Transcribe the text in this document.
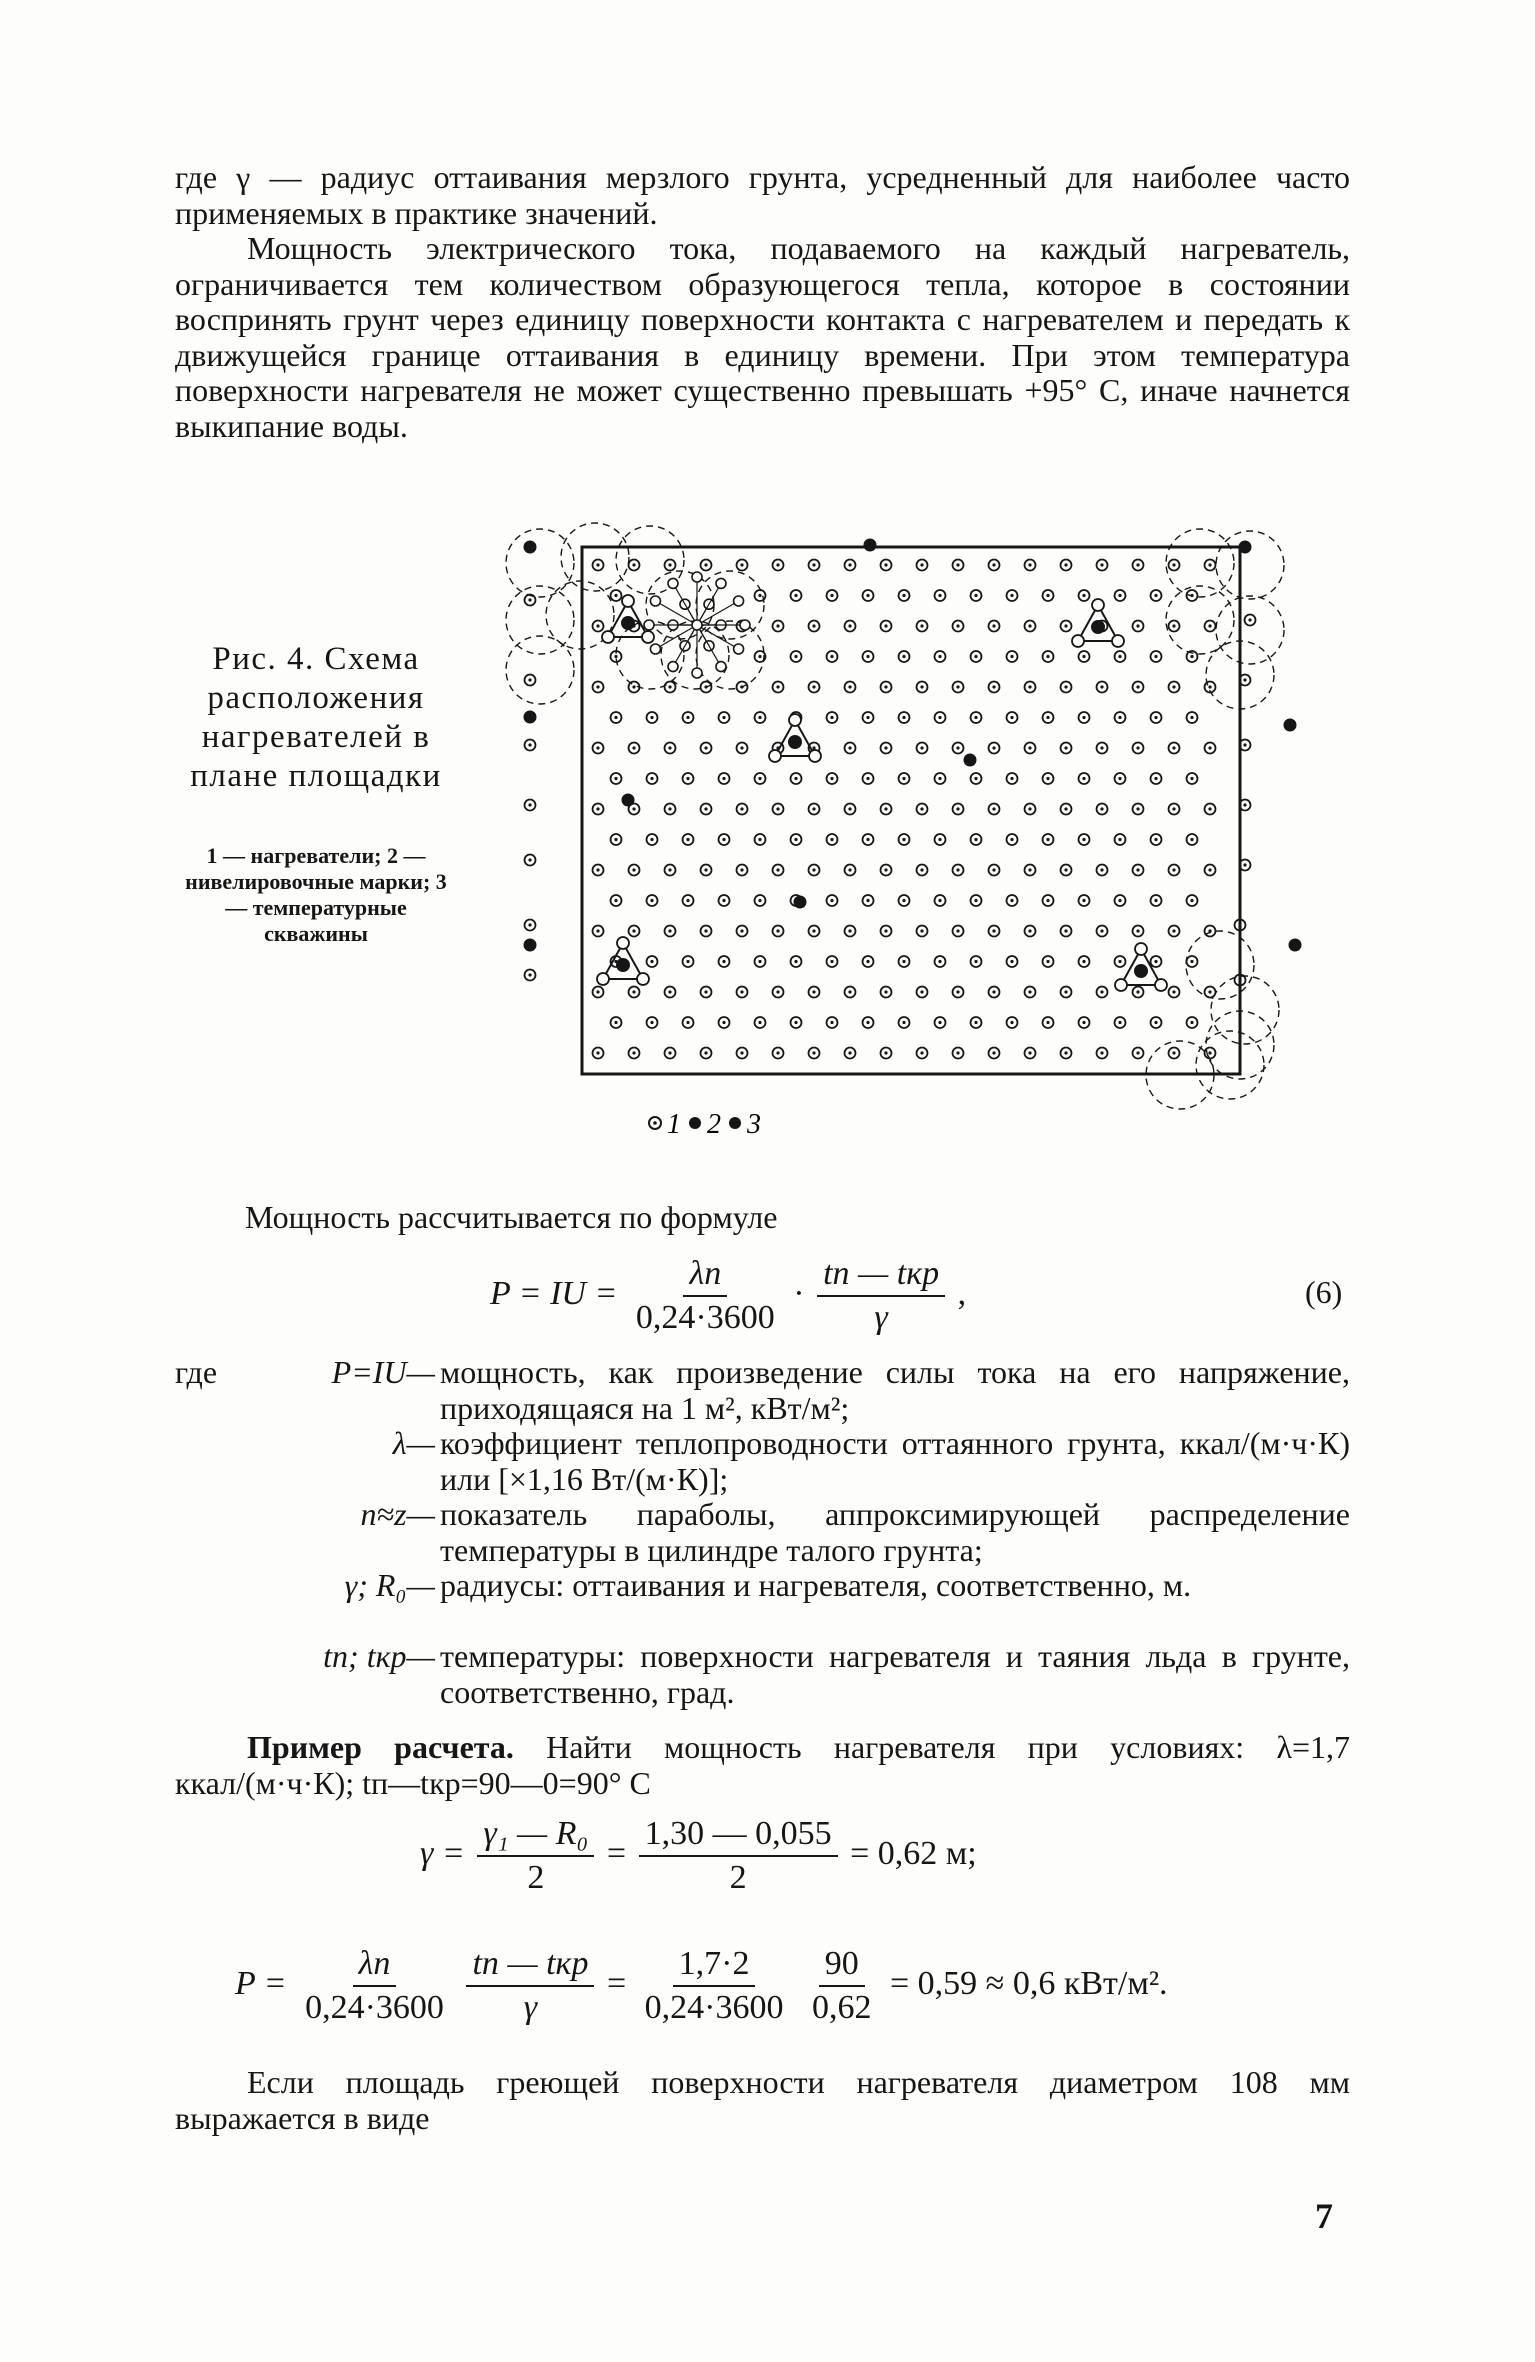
где γ — радиус оттаивания мерзлого грунта, усредненный для наиболее часто применяемых в практике значений.

Мощность электрического тока, подаваемого на каждый нагреватель, ограничивается тем количеством образующегося тепла, которое в состоянии воспринять грунт через единицу поверхности контакта с нагревателем и передать к движущейся границе оттаивания в единицу времени. При этом температура поверхности нагревателя не может существенно превышать +95° С, иначе начнется выкипание воды.

Рис. 4. Схема расположения нагревателей в плане площадки
1 — нагреватели; 2 — нивелировочные марки; 3 — температурные скважины
1 2 3
Мощность рассчитывается по формуле
P = IU = $\frac{\lambda n}{0,24\cdot 3600} \cdot \frac{\text{tп — tкр}}{\gamma}$ ,	(6)
где	P=IU— мощность, как произведение силы тока на его напряжение, приходящаяся на 1 м², кВт/м²;
λ— коэффициент теплопроводности оттаянного грунта, ккал/(м·ч·К) или [×1,16 Вт/(м·К)];
n≈z— показатель параболы, аппроксимирующей распределение температуры в цилиндре талого грунта;
γ; R₀— радиусы: оттаивания и нагревателя, соответственно, м.
tп; tкр— температуры: поверхности нагревателя и таяния льда в грунте, соответственно, град.

Пример расчета. Найти мощность нагревателя при условиях: λ=1,7 ккал/(м·ч·К); tп—tкр=90—0=90° С

$\gamma = \frac{\text{γ₁ — R₀}}{2} = \frac{1,30 — 0,055}{2} = 0,62$ м;
$P = \frac{\lambda n}{0,24\cdot 3600}$
$\frac{\text{tп — tкр}}{\gamma} = \frac{1,7\cdot 2}{0,24\cdot 3600}$
$\frac{90}{0,62} = 0,59 \approx 0,6$ кВт/м².

Если площадь греющей поверхности нагревателя диаметром 108 мм выражается в виде

7
